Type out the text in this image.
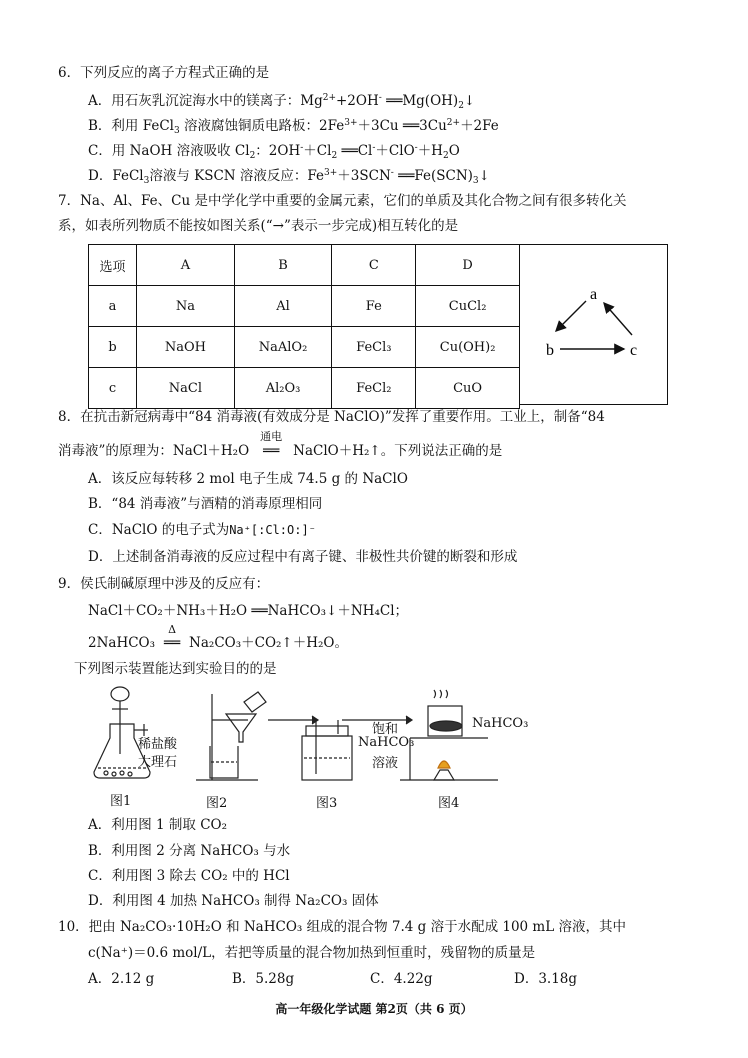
6．下列反应的离子方程式正确的是
A．用石灰乳沉淀海水中的镁离子：$Mg^{2+}+2OH^-$ $══Mg(OH)_2↓$
B．利用 FeCl$_3$ 溶液腐蚀铜质电路板：$2Fe^{3+}+3Cu$ $══3Cu^{2+}+2Fe$
C．用 NaOH 溶液吸收 $Cl_2$：$2OH^-+Cl_2$ $══Cl^-+ClO^-+H_2O$
D．FeCl$_3$溶液与 KSCN 溶液反应：$Fe^{3+}+3SCN^-$ $══Fe(SCN)_3↓$
7．Na、Al、Fe、Cu 是中学化学中重要的金属元素，它们的单质及其化合物之间有很多转化关
系，如表所列物质不能按如图关系(“→”表示一步完成)相互转化的是
选项	A	B	C	D
a	Na	Al	Fe	CuCl₂
b	NaOH	NaAlO₂	FeCl₃	Cu(OH)₂
c	NaCl	Al₂O₃	FeCl₂	CuO
a
b	c
8．在抗击新冠病毒中“84 消毒液(有效成分是 NaClO)”发挥了重要作用。工业上，制备“84
消毒液”的原理为：NaCl＋H₂O
通电
══ NaClO＋H₂↑。下列说法正确的是
A．该反应每转移 2 mol 电子生成 74.5 g 的 NaClO
B．“84 消毒液”与酒精的消毒原理相同
C．NaClO 的电子式为Na⁺[:Cl:O:]⁻
D．上述制备消毒液的反应过程中有离子键、非极性共价键的断裂和形成
9．侯氏制碱原理中涉及的反应有：
NaCl＋CO₂＋NH₃＋H₂O ══NaHCO₃↓＋NH₄Cl；
2NaHCO₃
Δ
══ Na₂CO₃＋CO₂↑＋H₂O。
下列图示装置能达到实验目的的是
稀盐酸
大理石
饱和
NaHCO₃
溶液
NaHCO₃
图1	图2	图3	图4
A．利用图 1 制取 CO₂
B．利用图 2 分离 NaHCO₃ 与水
C．利用图 3 除去 CO₂ 中的 HCl
D．利用图 4 加热 NaHCO₃ 制得 Na₂CO₃ 固体
10．把由 Na₂CO₃·10H₂O 和 NaHCO₃ 组成的混合物 7.4 g 溶于水配成 100 mL 溶液，其中
c(Na⁺)＝0.6 mol/L，若把等质量的混合物加热到恒重时，残留物的质量是
A．2.12 g	B．5.28g	C．4.22g	D．3.18g
高一年级化学试题 第2页（共 6 页）
